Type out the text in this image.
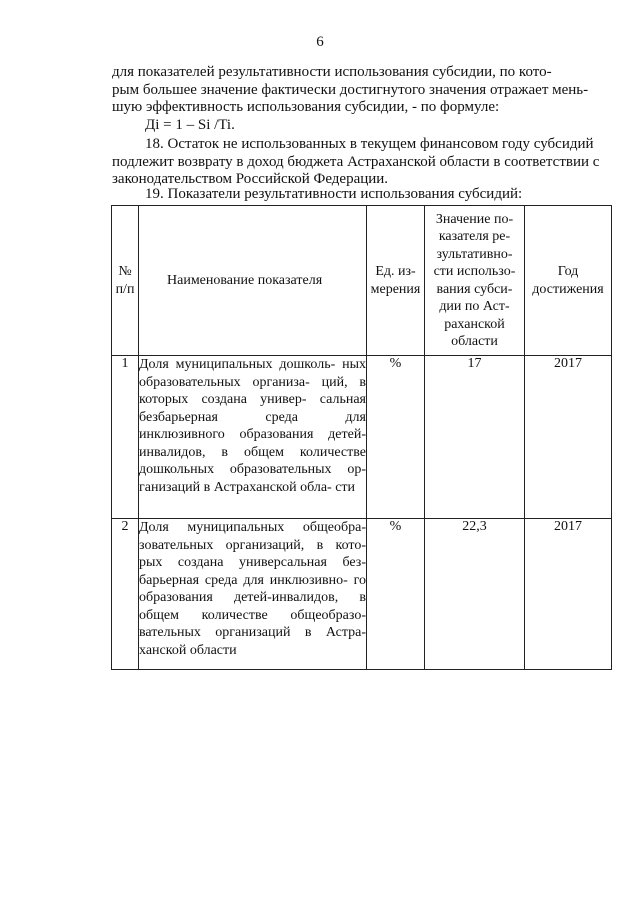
6

для показателей результативности использования субсидии, по кото-

рым большее значение фактически достигнутого значения отражает мень-

шую эффективность использования субсидии, - по формуле:

Дi = 1 – Si /Ti.

18. Остаток не использованных в текущем финансовом году субсидий

подлежит возврату в доход бюджета Астраханской области в соответствии с

законодательством Российской Федерации.

19. Показатели результативности использования субсидий:

№ п/п	Наименование показателя	Ед. из- мерения	Значение по- казателя ре- зультативно- сти использо- вания субси- дии по Аст- раханской области	Год достижения
1	Доля муниципальных дошколь- ных образовательных организа- ций, в которых создана универ- сальная безбарьерная среда для инклюзивного образования детей- инвалидов, в общем количестве дошкольных образовательных ор- ганизаций в Астраханской обла- сти	%	17	2017
2	Доля муниципальных общеобра- зовательных организаций, в кото- рых создана универсальная без- барьерная среда для инклюзивно- го образования детей-инвалидов, в общем количестве общеобразо- вательных организаций в Астра- ханской области	%	22,3	2017
